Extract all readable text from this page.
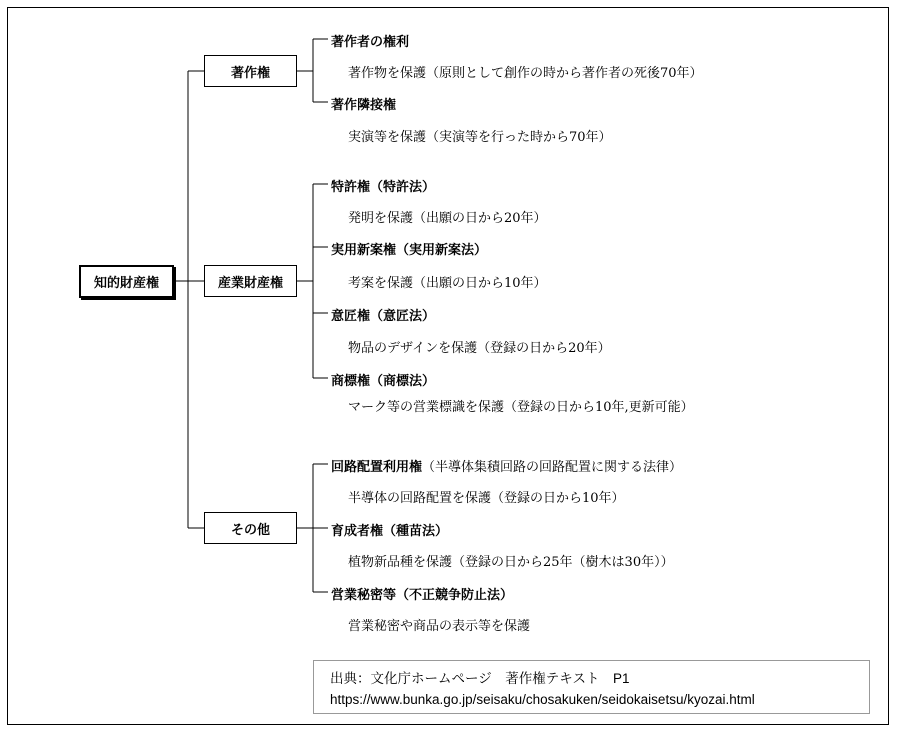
知的財産権
著作権
産業財産権
その他
著作者の権利
著作物を保護（原則として創作の時から著作者の死後70年）
著作隣接権
実演等を保護（実演等を行った時から70年）
特許権（特許法）
発明を保護（出願の日から20年）
実用新案権（実用新案法）
考案を保護（出願の日から10年）
意匠権（意匠法）
物品のデザインを保護（登録の日から20年）
商標権（商標法）
マーク等の営業標識を保護（登録の日から10年,更新可能）
回路配置利用権（半導体集積回路の回路配置に関する法律）
半導体の回路配置を保護（登録の日から10年）
育成者権（種苗法）
植物新品種を保護（登録の日から25年（樹木は30年））
営業秘密等（不正競争防止法）
営業秘密や商品の表示等を保護
出典：文化庁ホームページ　著作権テキスト　P1
https://www.bunka.go.jp/seisaku/chosakuken/seidokaisetsu/kyozai.html
